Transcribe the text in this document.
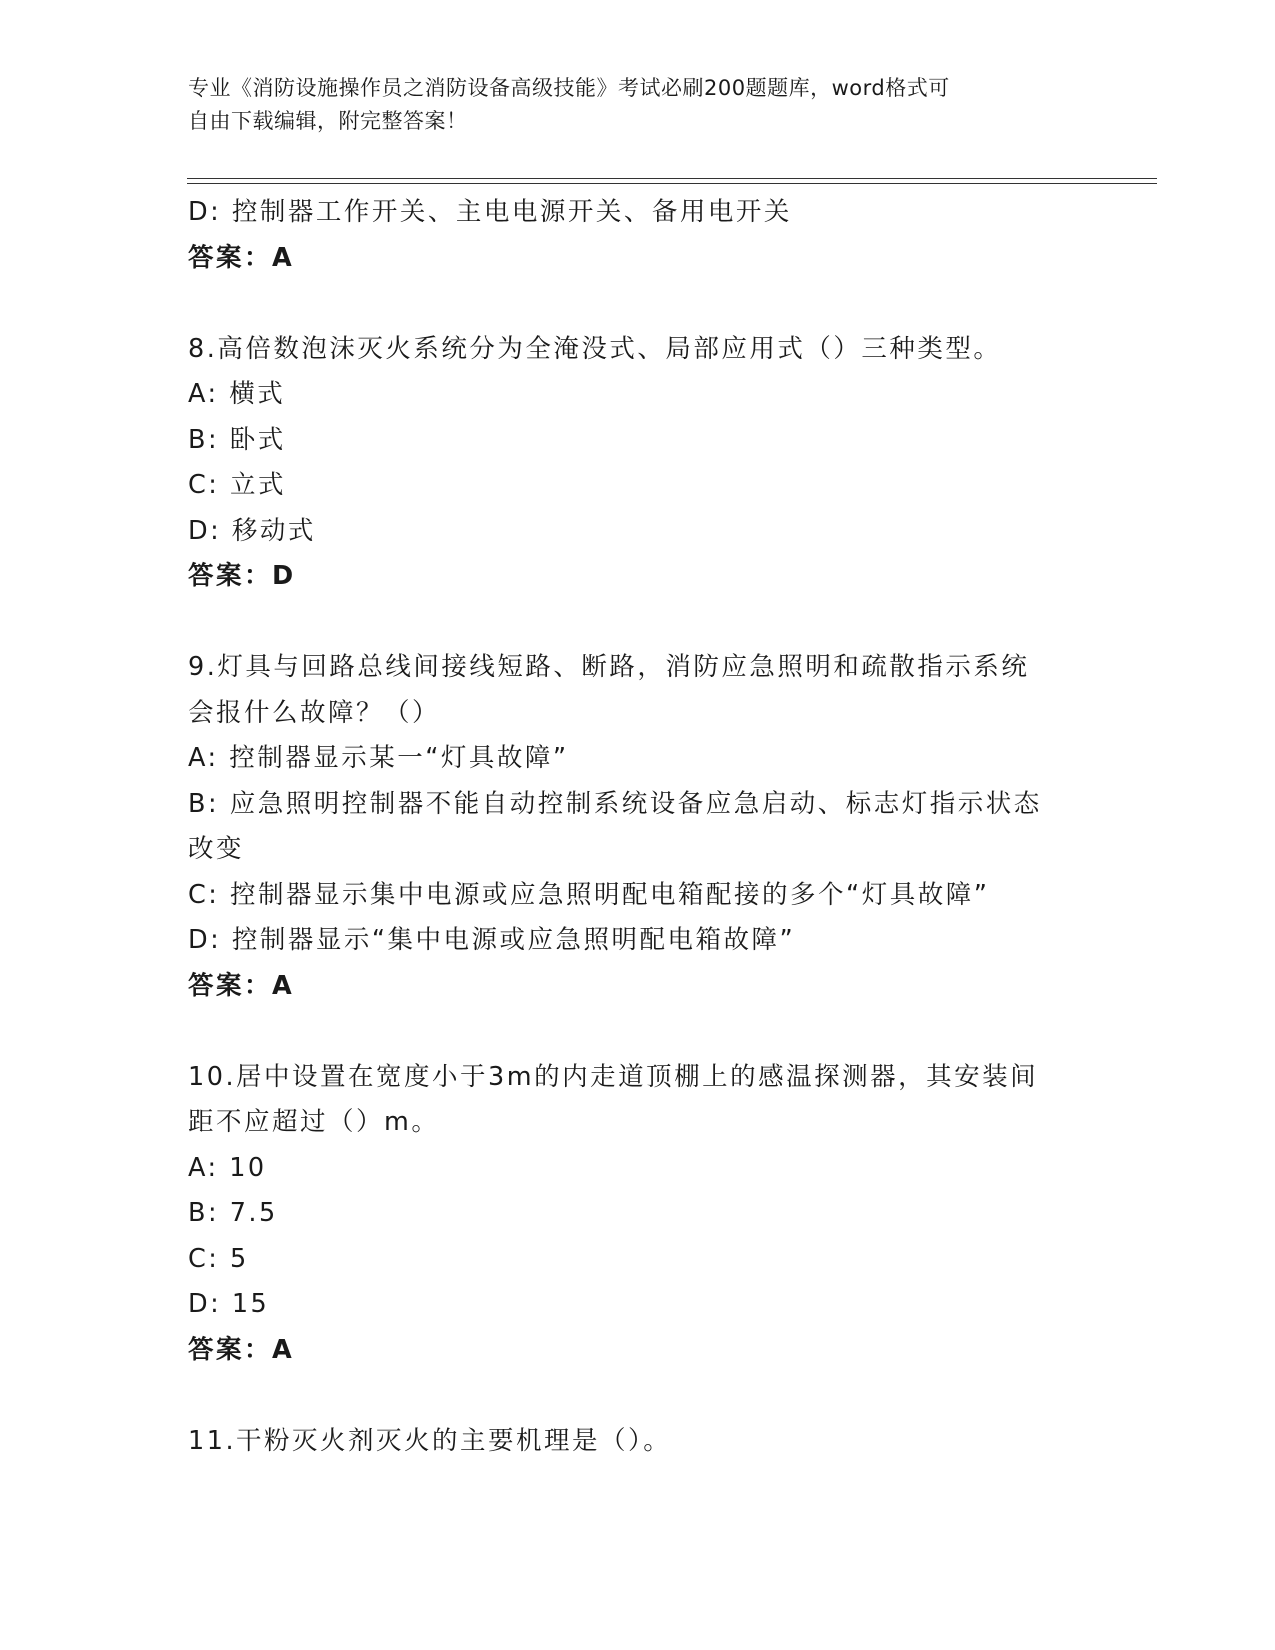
专业《消防设施操作员之消防设备高级技能》考试必刷200题题库，word格式可
自由下载编辑，附完整答案！
D: 控制器工作开关、主电电源开关、备用电开关
答案：A
8.高倍数泡沫灭火系统分为全淹没式、局部应用式（）三种类型。
A: 横式
B: 卧式
C: 立式
D: 移动式
答案：D
9.灯具与回路总线间接线短路、断路，消防应急照明和疏散指示系统
会报什么故障？（）
A: 控制器显示某一“灯具故障”
B: 应急照明控制器不能自动控制系统设备应急启动、标志灯指示状态
改变
C: 控制器显示集中电源或应急照明配电箱配接的多个“灯具故障”
D: 控制器显示“集中电源或应急照明配电箱故障”
答案：A
10.居中设置在宽度小于3m的内走道顶棚上的感温探测器，其安装间
距不应超过（）m。
A: 10
B: 7.5
C: 5
D: 15
答案：A
11.干粉灭火剂灭火的主要机理是（）。
